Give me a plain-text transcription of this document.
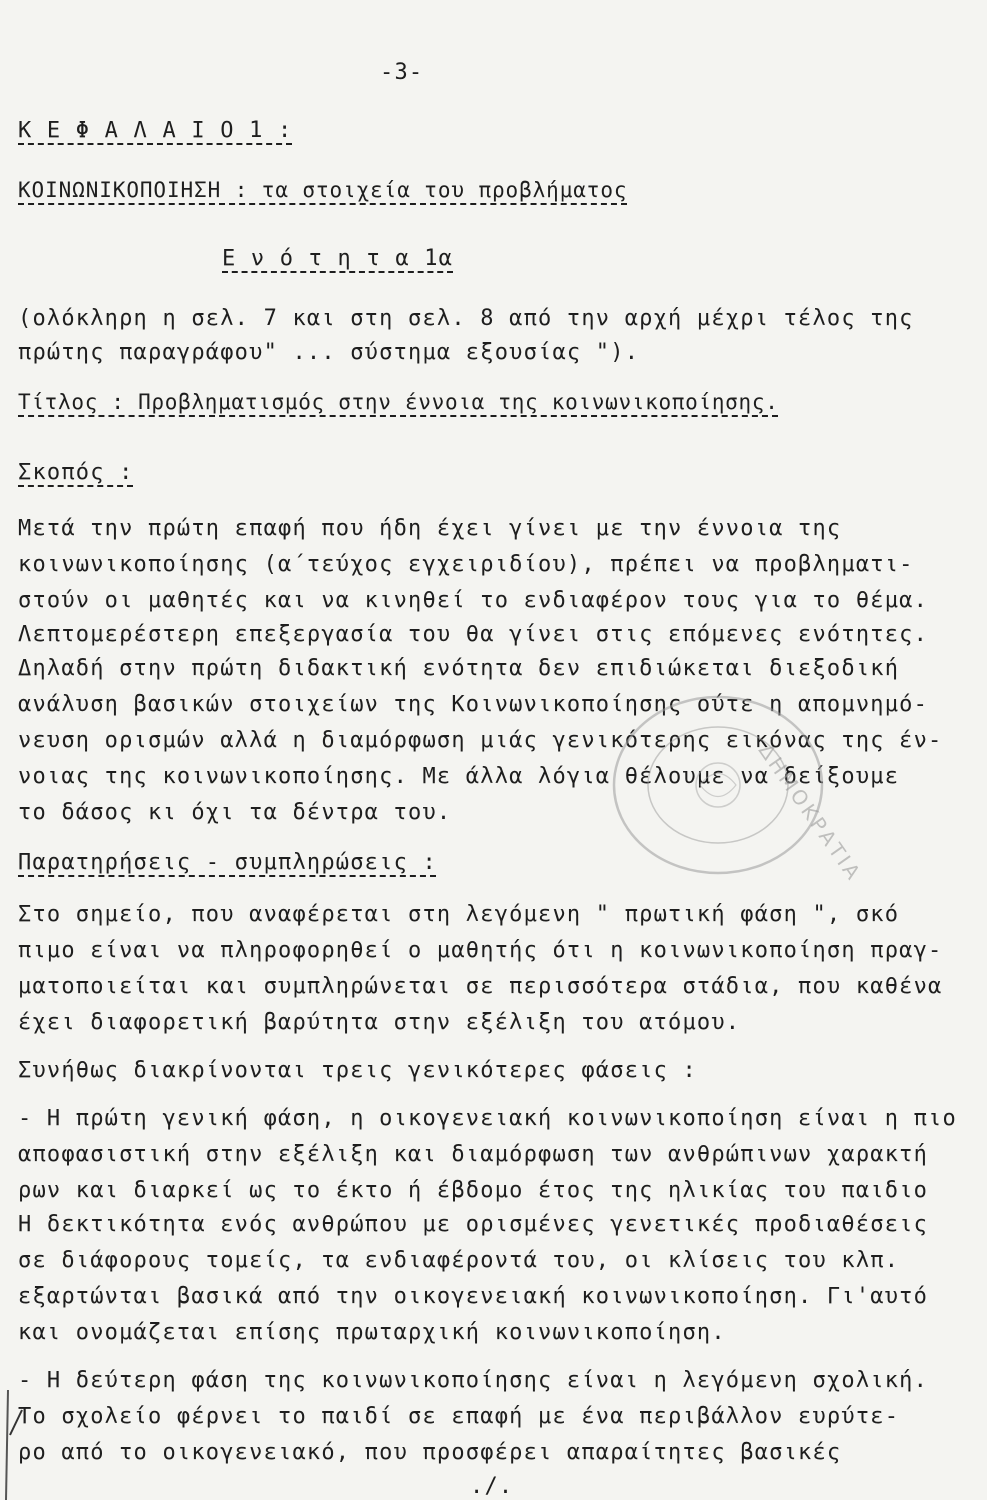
-3-
Κ Ε Φ Α Λ Α Ι Ο 1 :
ΚΟΙΝΩΝΙΚΟΠΟΙΗΣΗ : τα στοιχεία του προβλήματος
Ε ν ό τ η τ α 1α
(ολόκληρη η σελ. 7 και στη σελ. 8 από την αρχή μέχρι τέλος της
πρώτης παραγράφου" ... σύστημα εξουσίας ").
Τίτλος : Προβληματισμός στην έννοια της κοινωνικοποίησης.
Σκοπός :
Μετά την πρώτη επαφή που ήδη έχει γίνει με την έννοια της
κοινωνικοποίησης (α΄τεύχος εγχειριδίου), πρέπει να προβληματι-
στούν οι μαθητές και να κινηθεί το ενδιαφέρον τους για το θέμα.
Λεπτομερέστερη επεξεργασία του θα γίνει στις επόμενες ενότητες.
Δηλαδή στην πρώτη διδακτική ενότητα δεν επιδιώκεται διεξοδική
ανάλυση βασικών στοιχείων της Κοινωνικοποίησης ούτε η απομνημό-
νευση ορισμών αλλά η διαμόρφωση μιάς γενικότερης εικόνας της έν-
νοιας της κοινωνικοποίησης. Με άλλα λόγια θέλουμε να δείξουμε
το δάσος κι όχι τα δέντρα του.
Παρατηρήσεις - συμπληρώσεις :
Στο σημείο, που αναφέρεται στη λεγόμενη " πρωτική φάση ", σκό
πιμο είναι να πληροφορηθεί ο μαθητής ότι η κοινωνικοποίηση πραγ-
ματοποιείται και συμπληρώνεται σε περισσότερα στάδια, που καθένα
έχει διαφορετική βαρύτητα στην εξέλιξη του ατόμου.
Συνήθως διακρίνονται τρεις γενικότερες φάσεις :
- Η πρώτη γενική φάση, η οικογενειακή κοινωνικοποίηση είναι η πιο
αποφασιστική στην εξέλιξη και διαμόρφωση των ανθρώπινων χαρακτή
ρων και διαρκεί ως το έκτο ή έβδομο έτος της ηλικίας του παιδιο
Η δεκτικότητα ενός ανθρώπου με ορισμένες γενετικές προδιαθέσεις
σε διάφορους τομείς, τα ενδιαφέροντά του, οι κλίσεις του κλπ.
εξαρτώνται βασικά από την οικογενειακή κοινωνικοποίηση. Γι'αυτό
και ονομάζεται επίσης πρωταρχική κοινωνικοποίηση.
- Η δεύτερη φάση της κοινωνικοποίησης είναι η λεγόμενη σχολική.
Το σχολείο φέρνει το παιδί σε επαφή με ένα περιβάλλον ευρύτε-
ρο από το οικογενειακό, που προσφέρει απαραίτητες βασικές
./.
ΔΗΜΟΚΡΑΤΙΑ
